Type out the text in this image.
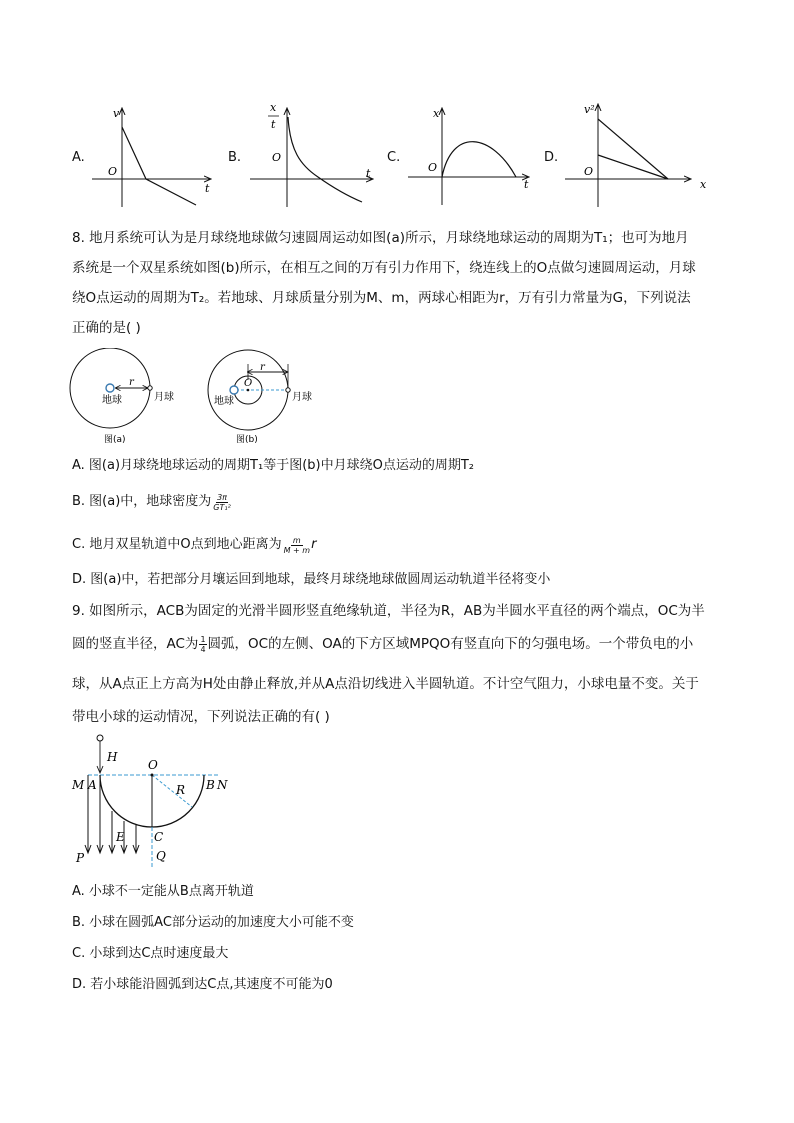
A.	B.	C.	D.
v
O
t
x
t
O
t
x
O
t
v²
O
x
8. 地月系统可认为是月球绕地球做匀速圆周运动如图(a)所示，月球绕地球运动的周期为T₁；也可为地月
系统是一个双星系统如图(b)所示，在相互之间的万有引力作用下，绕连线上的O点做匀速圆周运动，月球
绕O点运动的周期为T₂。若地球、月球质量分别为M、m，两球心相距为r，万有引力常量为G，下列说法
正确的是( )
r
地球	月球
图(a)
r
O
地球	月球
图(b)
A. 图(a)月球绕地球运动的周期T₁等于图(b)中月球绕O点运动的周期T₂
B. 图(a)中，地球密度为 $\frac{3\pi}{\text{GT₁²}}$
C. 地月双星轨道中O点到地心距离为 $\frac{m}{M + m}$ r
D. 图(a)中，若把部分月壤运回到地球，最终月球绕地球做圆周运动轨道半径将变小
9. 如图所示，ACB为固定的光滑半圆形竖直绝缘轨道，半径为R，AB为半圆水平直径的两个端点，OC为半
圆的竖直半径，AC为 $\frac{1}{4}$ 圆弧，OC的左侧、OA的下方区域MPQO有竖直向下的匀强电场。一个带负电的小
球，从A点正上方高为H处由静止释放,并从A点沿切线进入半圆轨道。不计空气阻力，小球电量不变。关于
带电小球的运动情况，下列说法正确的有( )
H
O
M A	R B N
E C
P	Q
A. 小球不一定能从B点离开轨道
B. 小球在圆弧AC部分运动的加速度大小可能不变
C. 小球到达C点时速度最大
D. 若小球能沿圆弧到达C点,其速度不可能为0
